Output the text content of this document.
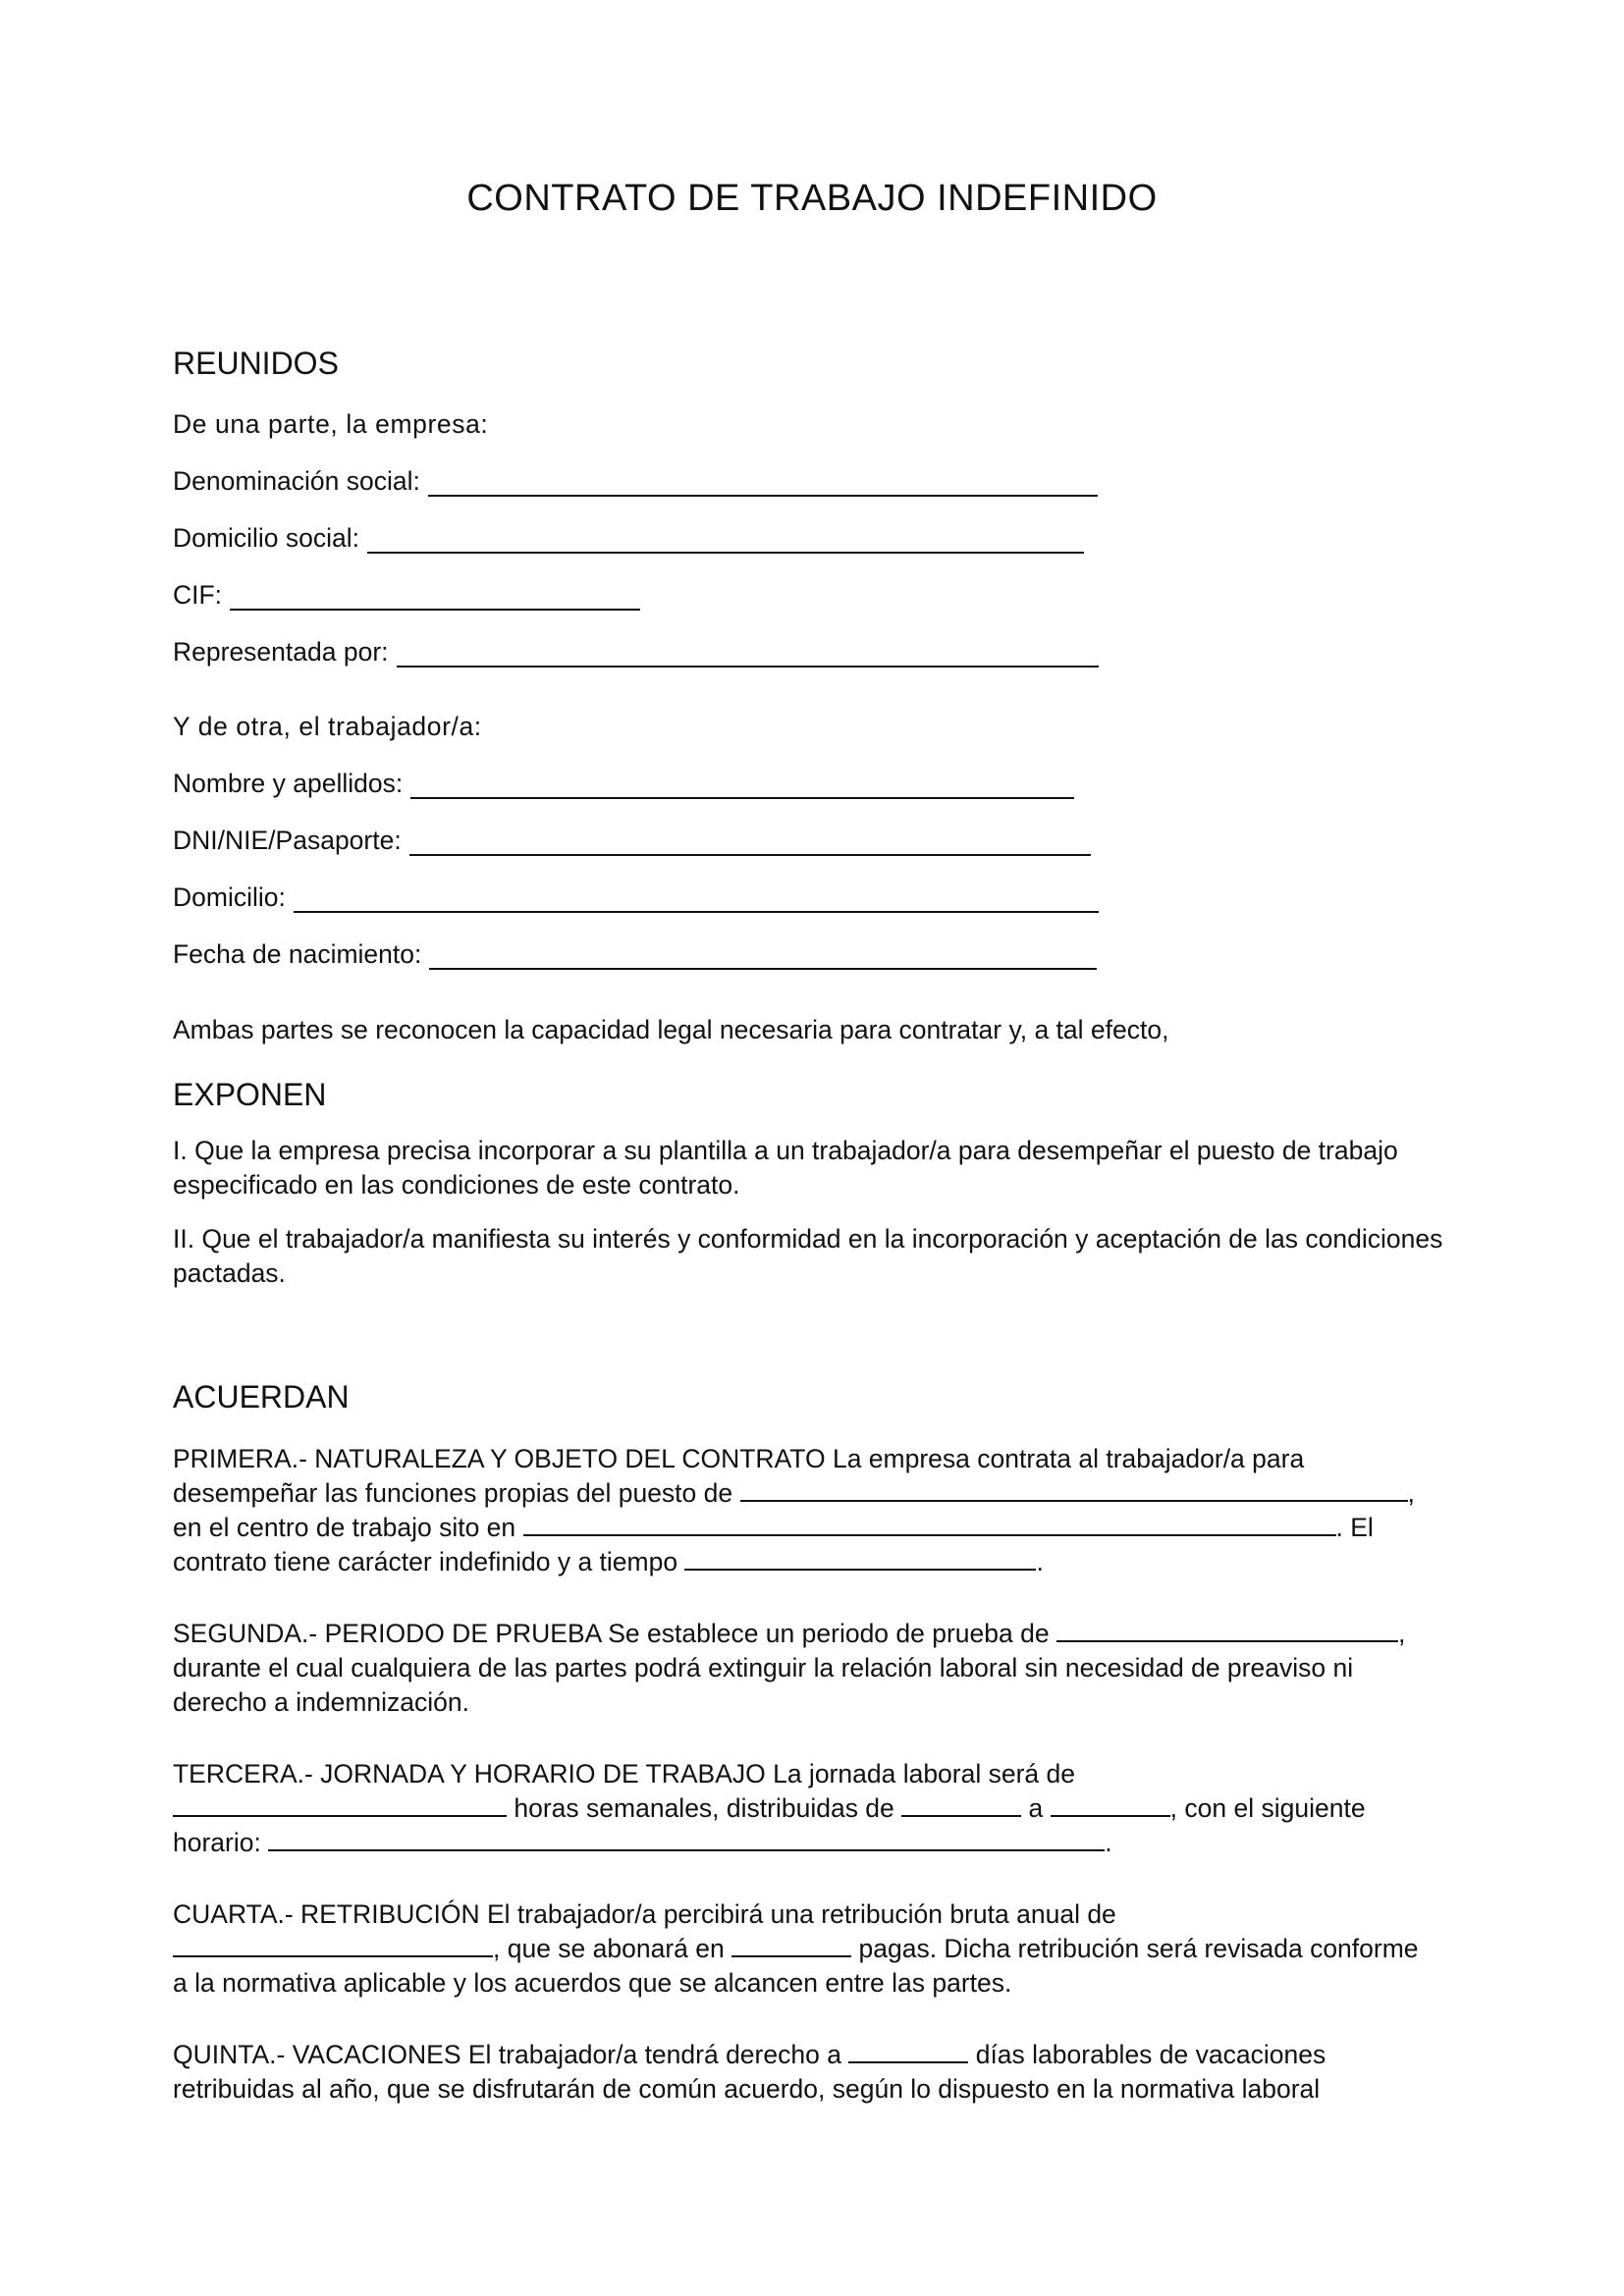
CONTRATO DE TRABAJO INDEFINIDO
REUNIDOS

De una parte, la empresa:

Denominación social:
Domicilio social:
CIF:
Representada por:

Y de otra, el trabajador/a:

Nombre y apellidos:
DNI/NIE/Pasaporte:
Domicilio:
Fecha de nacimiento:

Ambas partes se reconocen la capacidad legal necesaria para contratar y, a tal efecto,

EXPONEN

I. Que la empresa precisa incorporar a su plantilla a un trabajador/a para desempeñar el puesto de trabajo especificado en las condiciones de este contrato.

II. Que el trabajador/a manifiesta su interés y conformidad en la incorporación y aceptación de las condiciones pactadas.

ACUERDAN

PRIMERA.- NATURALEZA Y OBJETO DEL CONTRATO La empresa contrata al trabajador/a para
desempeñar las funciones propias del puesto de	,
en el centro de trabajo sito en	. El
contrato tiene carácter indefinido y a tiempo	.

SEGUNDA.- PERIODO DE PRUEBA Se establece un periodo de prueba de	,
durante el cual cualquiera de las partes podrá extinguir la relación laboral sin necesidad de preaviso ni
derecho a indemnización.

TERCERA.- JORNADA Y HORARIO DE TRABAJO La jornada laboral será de
horas semanales, distribuidas de	a	, con el siguiente
horario:	.

CUARTA.- RETRIBUCIÓN El trabajador/a percibirá una retribución bruta anual de
, que se abonará en	pagas. Dicha retribución será revisada conforme
a la normativa aplicable y los acuerdos que se alcancen entre las partes.

QUINTA.- VACACIONES El trabajador/a tendrá derecho a	días laborables de vacaciones
retribuidas al año, que se disfrutarán de común acuerdo, según lo dispuesto en la normativa laboral
